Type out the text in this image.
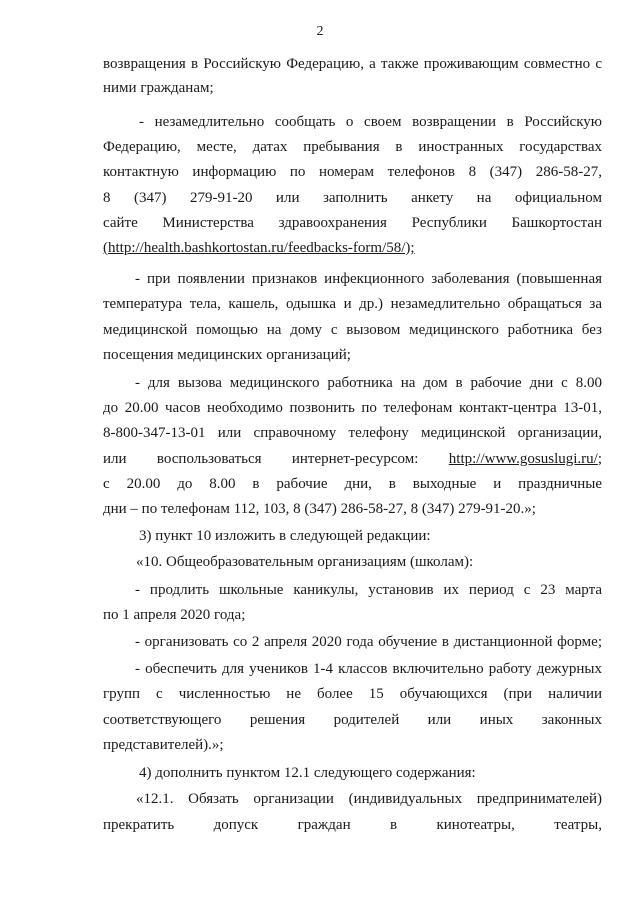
2
возвращения в Российскую Федерацию, а также проживающим совместно с
ними гражданам;
- незамедлительно сообщать о своем возвращении в Российскую
Федерацию, месте, датах пребывания в иностранных государствах
контактную информацию по номерам телефонов 8 (347) 286-58-27,
8 (347) 279-91-20 или заполнить анкету на официальном
сайте Министерства здравоохранения Республики Башкортостан
(http://health.bashkortostan.ru/feedbacks-form/58/);
- при появлении признаков инфекционного заболевания (повышенная
температура тела, кашель, одышка и др.) незамедлительно обращаться за
медицинской помощью на дому с вызовом медицинского работника без
посещения медицинских организаций;
- для вызова медицинского работника на дом в рабочие дни с 8.00
до 20.00 часов необходимо позвонить по телефонам контакт-центра 13-01,
8-800-347-13-01 или справочному телефону медицинской организации,
или воспользоваться интернет-ресурсом: http://www.gosuslugi.ru/;
с 20.00 до 8.00 в рабочие дни, в выходные и праздничные
дни – по телефонам 112, 103, 8 (347) 286-58-27, 8 (347) 279-91-20.»;
3) пункт 10 изложить в следующей редакции:
«10. Общеобразовательным организациям (школам):
- продлить школьные каникулы, установив их период с 23 марта
по 1 апреля 2020 года;
- организовать со 2 апреля 2020 года обучение в дистанционной форме;
- обеспечить для учеников 1-4 классов включительно работу дежурных
групп с численностью не более 15 обучающихся (при наличии
соответствующего решения родителей или иных законных
представителей).»;
4) дополнить пунктом 12.1 следующего содержания:
«12.1. Обязать организации (индивидуальных предпринимателей)
прекратить допуск граждан в кинотеатры, театры,
